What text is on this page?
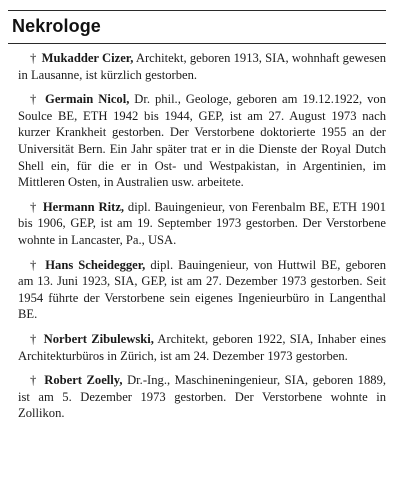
Nekrologe

† Mukadder Cizer, Architekt, geboren 1913, SIA, wohnhaft gewesen in Lausanne, ist kürzlich gestorben.

† Germain Nicol, Dr. phil., Geologe, geboren am 19.12.1922, von Soulce BE, ETH 1942 bis 1944, GEP, ist am 27. August 1973 nach kurzer Krankheit gestorben. Der Verstorbene doktorierte 1955 an der Universität Bern. Ein Jahr später trat er in die Dienste der Royal Dutch Shell ein, für die er in Ost- und Westpakistan, in Argentinien, im Mittleren Osten, in Australien usw. arbeitete.

† Hermann Ritz, dipl. Bauingenieur, von Ferenbalm BE, ETH 1901 bis 1906, GEP, ist am 19. September 1973 gestorben. Der Verstorbene wohnte in Lancaster, Pa., USA.

† Hans Scheidegger, dipl. Bauingenieur, von Huttwil BE, geboren am 13. Juni 1923, SIA, GEP, ist am 27. Dezember 1973 gestorben. Seit 1954 führte der Verstorbene sein eigenes Ingenieurbüro in Langenthal BE.

† Norbert Zibulewski, Architekt, geboren 1922, SIA, Inhaber eines Architekturbüros in Zürich, ist am 24. Dezember 1973 gestorben.

† Robert Zoelly, Dr.-Ing., Maschineningenieur, SIA, geboren 1889, ist am 5. Dezember 1973 gestorben. Der Verstorbene wohnte in Zollikon.
